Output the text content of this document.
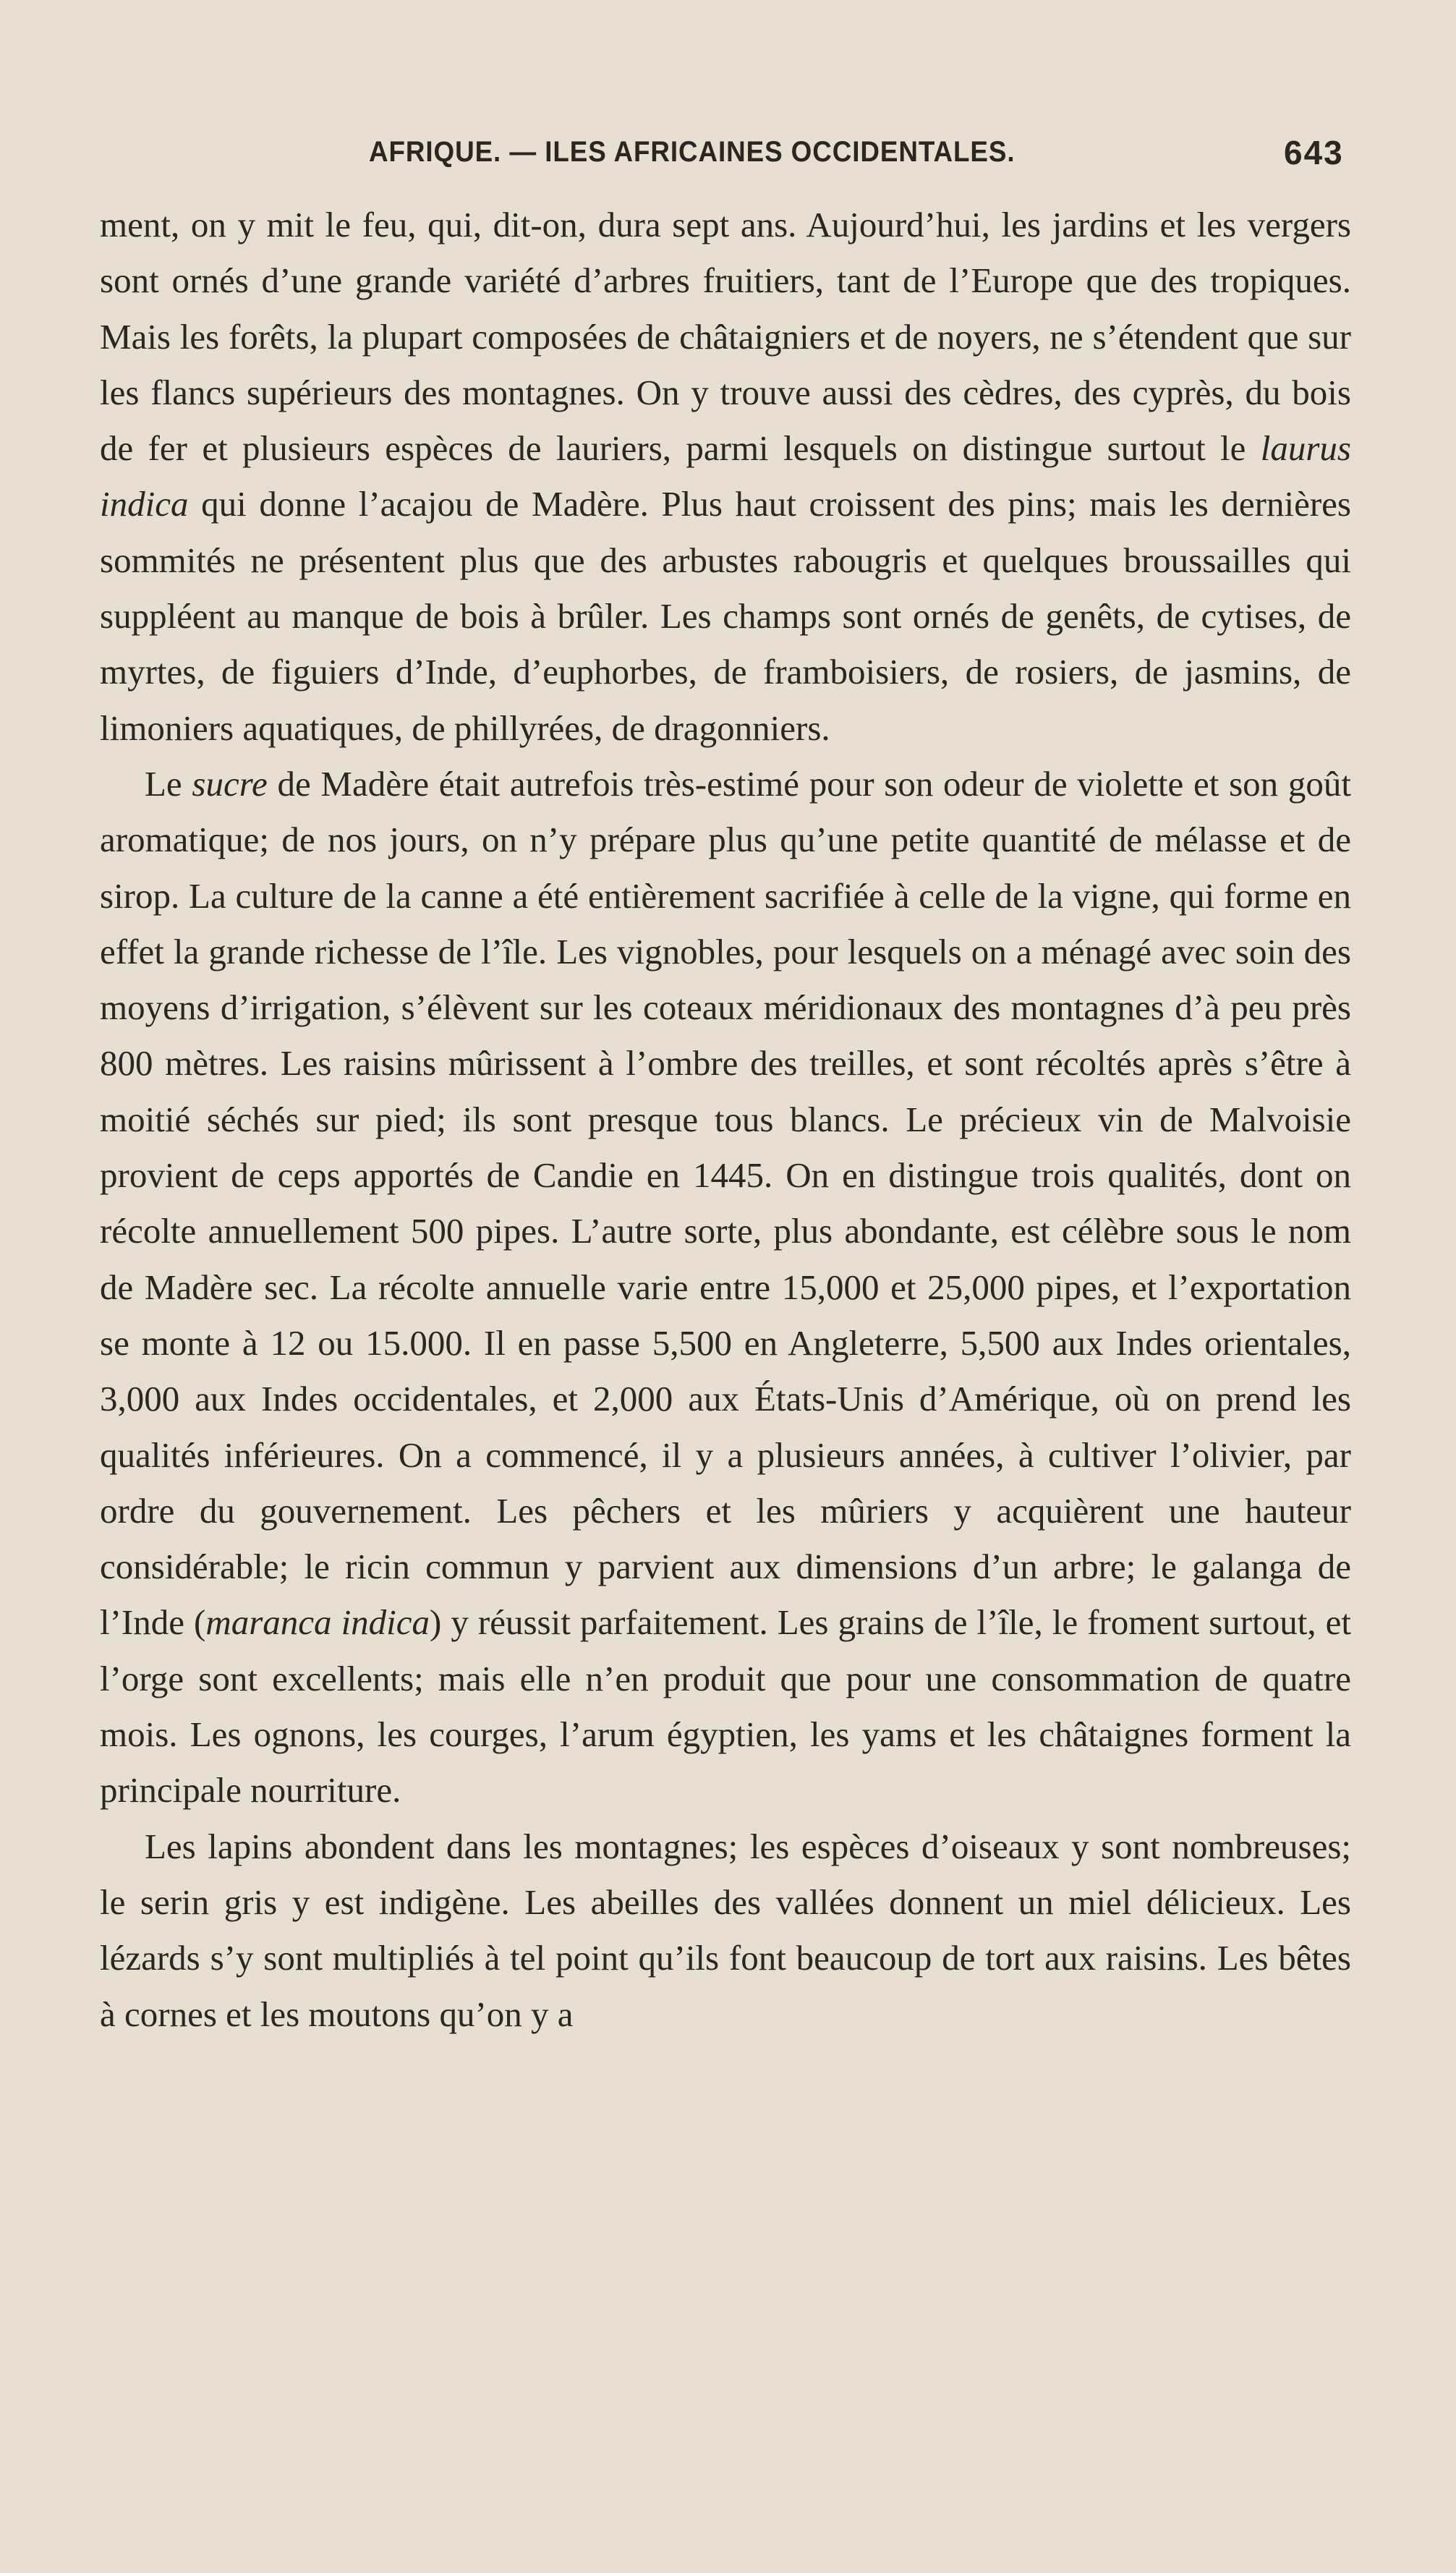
AFRIQUE. — ILES AFRICAINES OCCIDENTALES.	643

ment, on y mit le feu, qui, dit-on, dura sept ans. Aujourd’hui, les jardins et les vergers sont ornés d’une grande variété d’arbres fruitiers, tant de l’Europe que des tropiques. Mais les forêts, la plupart composées de châtaigniers et de noyers, ne s’étendent que sur les flancs supérieurs des montagnes. On y trouve aussi des cèdres, des cyprès, du bois de fer et plusieurs espèces de lauriers, parmi lesquels on distingue surtout le laurus indica qui donne l’acajou de Madère. Plus haut croissent des pins; mais les dernières sommités ne présentent plus que des arbustes rabougris et quelques broussailles qui suppléent au manque de bois à brûler. Les champs sont ornés de genêts, de cytises, de myrtes, de figuiers d’Inde, d’euphorbes, de framboisiers, de rosiers, de jasmins, de limoniers aquatiques, de phillyrées, de dragonniers.

Le sucre de Madère était autrefois très-estimé pour son odeur de violette et son goût aromatique; de nos jours, on n’y prépare plus qu’une petite quantité de mélasse et de sirop. La culture de la canne a été entièrement sacrifiée à celle de la vigne, qui forme en effet la grande richesse de l’île. Les vignobles, pour lesquels on a ménagé avec soin des moyens d’irrigation, s’élèvent sur les coteaux méridionaux des montagnes d’à peu près 800 mètres. Les raisins mûrissent à l’ombre des treilles, et sont récoltés après s’être à moitié séchés sur pied; ils sont presque tous blancs. Le précieux vin de Malvoisie provient de ceps apportés de Candie en 1445. On en distingue trois qualités, dont on récolte annuellement 500 pipes. L’autre sorte, plus abondante, est célèbre sous le nom de Madère sec. La récolte annuelle varie entre 15,000 et 25,000 pipes, et l’exportation se monte à 12 ou 15.000. Il en passe 5,500 en Angleterre, 5,500 aux Indes orientales, 3,000 aux Indes occidentales, et 2,000 aux États-Unis d’Amérique, où on prend les qualités inférieures. On a commencé, il y a plusieurs années, à cultiver l’olivier, par ordre du gouvernement. Les pêchers et les mûriers y acquièrent une hauteur considérable; le ricin commun y parvient aux dimensions d’un arbre; le galanga de l’Inde (maranca indica) y réussit parfaitement. Les grains de l’île, le froment surtout, et l’orge sont excellents; mais elle n’en produit que pour une consommation de quatre mois. Les ognons, les courges, l’arum égyptien, les yams et les châtaignes forment la principale nourriture.

Les lapins abondent dans les montagnes; les espèces d’oiseaux y sont nombreuses; le serin gris y est indigène. Les abeilles des vallées donnent un miel délicieux. Les lézards s’y sont multipliés à tel point qu’ils font beaucoup de tort aux raisins. Les bêtes à cornes et les moutons qu’on y a
